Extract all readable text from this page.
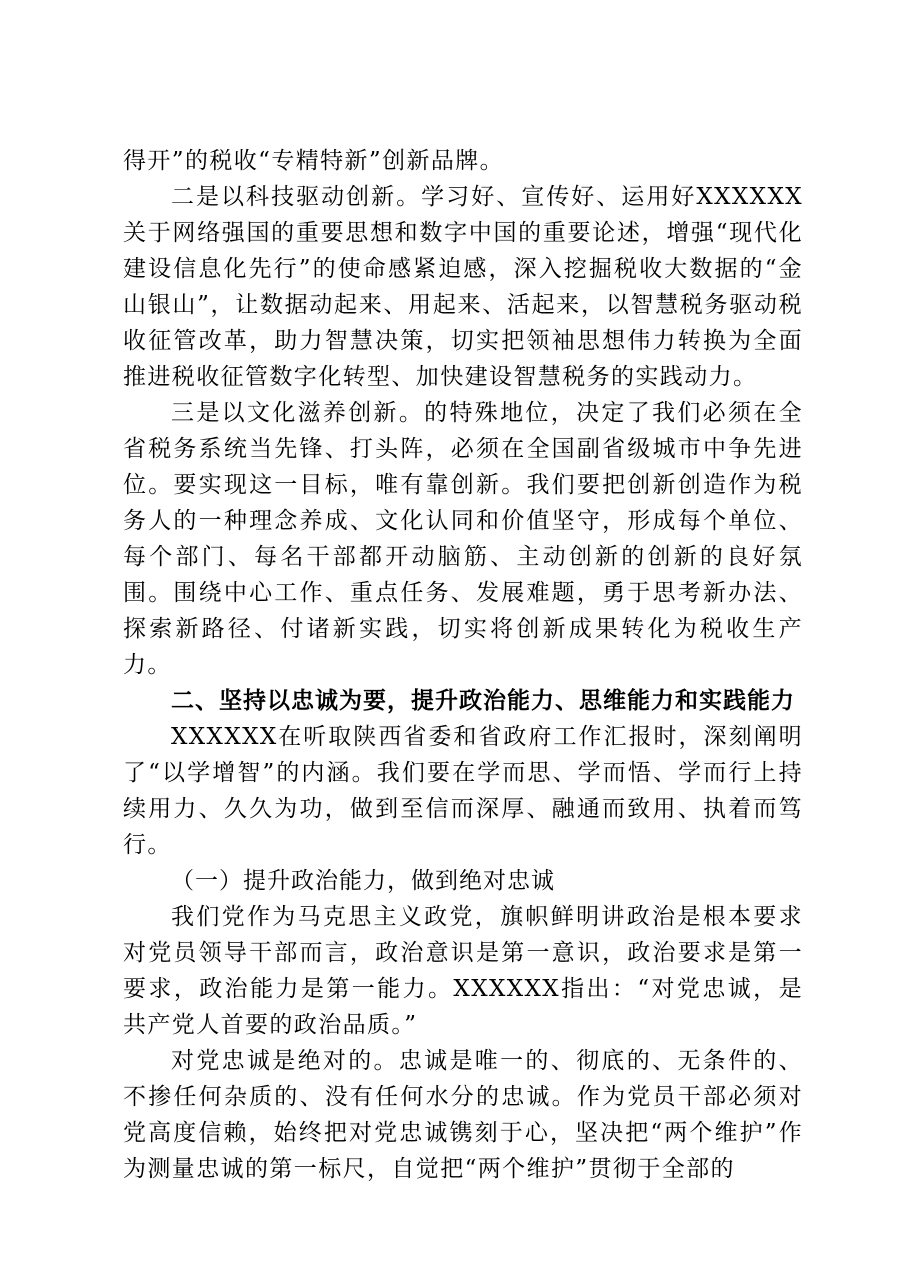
得开”的税收“专精特新”创新品牌。

二是以科技驱动创新。学习好、宣传好、运用好XXXXXX关于网络强国的重要思想和数字中国的重要论述，增强“现代化建设信息化先行”的使命感紧迫感，深入挖掘税收大数据的“金山银山”，让数据动起来、用起来、活起来，以智慧税务驱动税收征管改革，助力智慧决策，切实把领袖思想伟力转换为全面推进税收征管数字化转型、加快建设智慧税务的实践动力。

三是以文化滋养创新。的特殊地位，决定了我们必须在全省税务系统当先锋、打头阵，必须在全国副省级城市中争先进位。要实现这一目标，唯有靠创新。我们要把创新创造作为税务人的一种理念养成、文化认同和价值坚守，形成每个单位、每个部门、每名干部都开动脑筋、主动创新的创新的良好氛围。围绕中心工作、重点任务、发展难题，勇于思考新办法、探索新路径、付诸新实践，切实将创新成果转化为税收生产力。

二、坚持以忠诚为要，提升政治能力、思维能力和实践能力

XXXXXX在听取陕西省委和省政府工作汇报时，深刻阐明了“以学增智”的内涵。我们要在学而思、学而悟、学而行上持续用力、久久为功，做到至信而深厚、融通而致用、执着而笃行。

（一）提升政治能力，做到绝对忠诚

我们党作为马克思主义政党，旗帜鲜明讲政治是根本要求对党员领导干部而言，政治意识是第一意识，政治要求是第一要求，政治能力是第一能力。XXXXXX指出：“对党忠诚，是共产党人首要的政治品质。”

对党忠诚是绝对的。忠诚是唯一的、彻底的、无条件的、不掺任何杂质的、没有任何水分的忠诚。作为党员干部必须对党高度信赖，始终把对党忠诚镌刻于心，坚决把“两个维护”作为测量忠诚的第一标尺，自觉把“两个维护”贯彻于全部的
